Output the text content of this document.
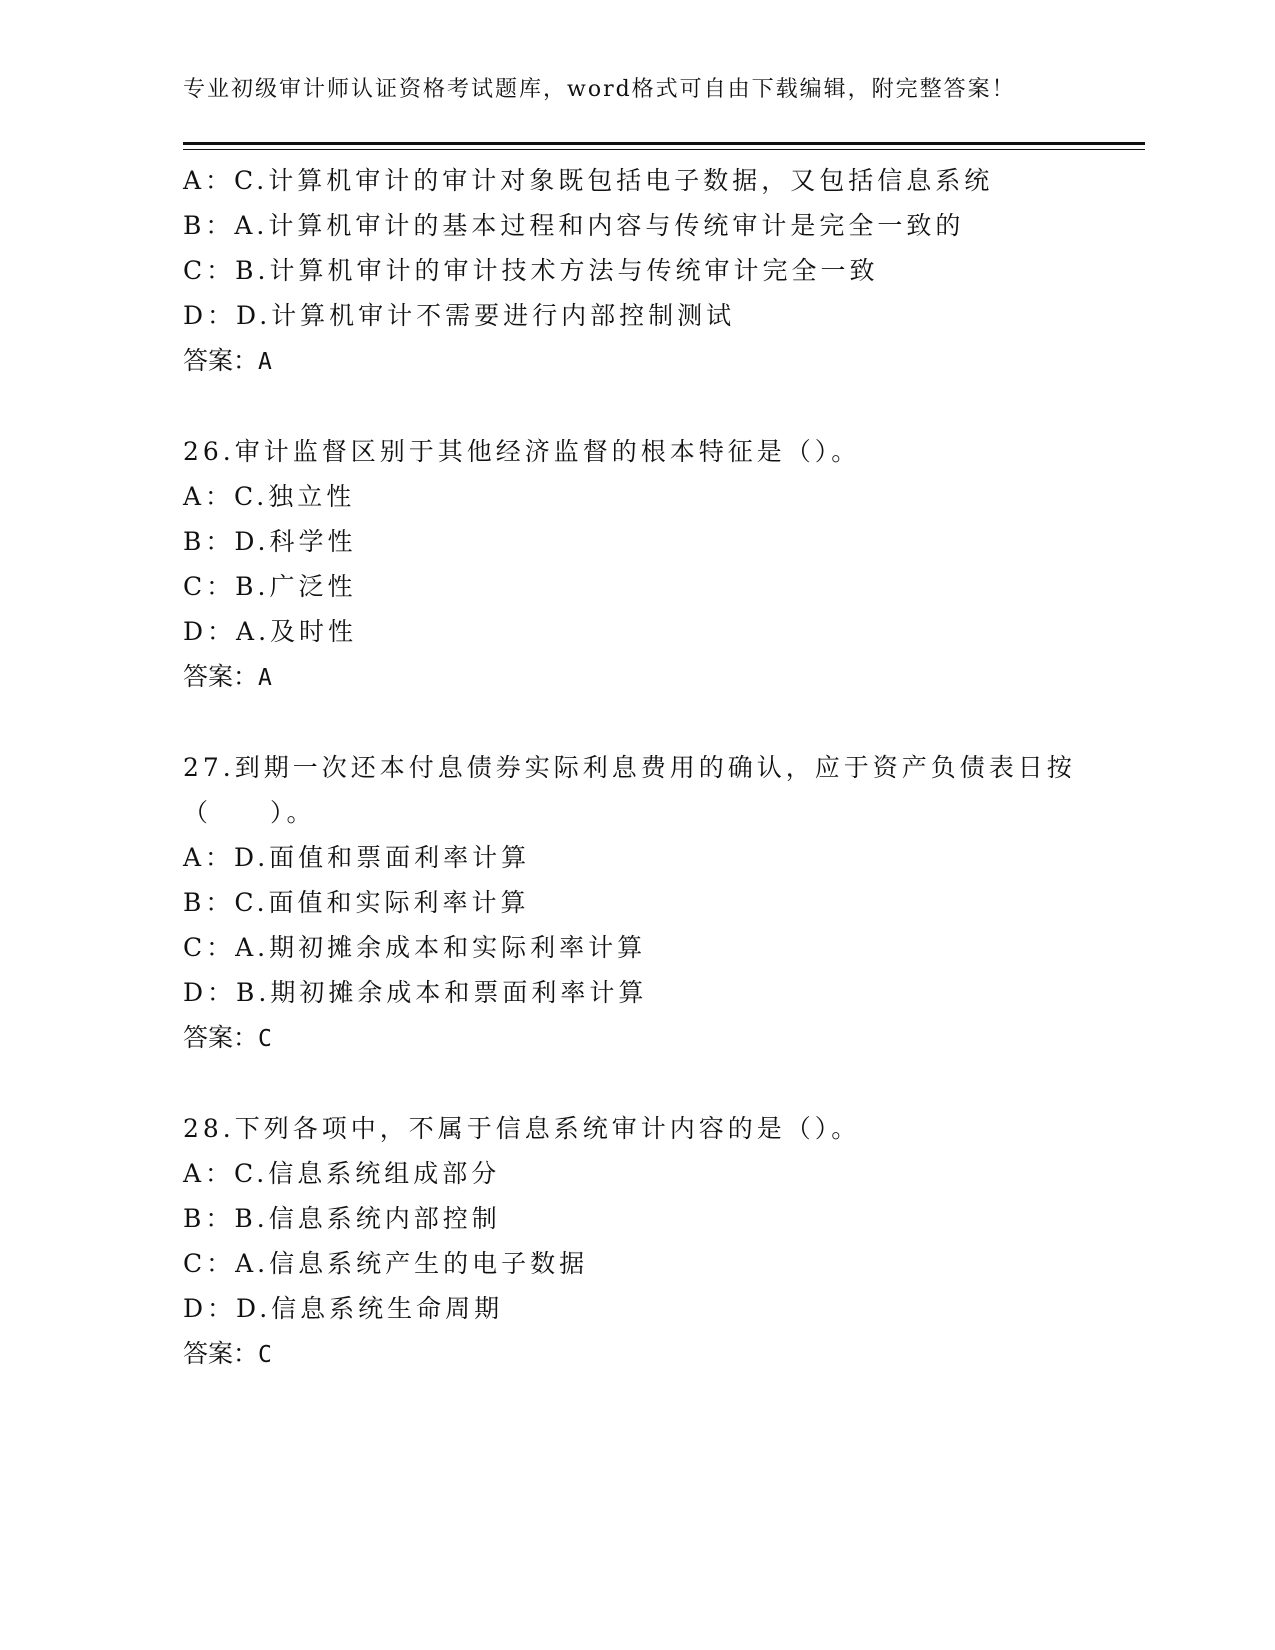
专业初级审计师认证资格考试题库，word格式可自由下载编辑，附完整答案！
A：C.计算机审计的审计对象既包括电子数据，又包括信息系统
B：A.计算机审计的基本过程和内容与传统审计是完全一致的
C：B.计算机审计的审计技术方法与传统审计完全一致
D：D.计算机审计不需要进行内部控制测试
答案：A
26.审计监督区别于其他经济监督的根本特征是（）。
A：C.独立性
B：D.科学性
C：B.广泛性
D：A.及时性
答案：A
27.到期一次还本付息债券实际利息费用的确认，应于资产负债表日按
（　　）。
A：D.面值和票面利率计算
B：C.面值和实际利率计算
C：A.期初摊余成本和实际利率计算
D：B.期初摊余成本和票面利率计算
答案：C
28.下列各项中，不属于信息系统审计内容的是（）。
A：C.信息系统组成部分
B：B.信息系统内部控制
C：A.信息系统产生的电子数据
D：D.信息系统生命周期
答案：C
